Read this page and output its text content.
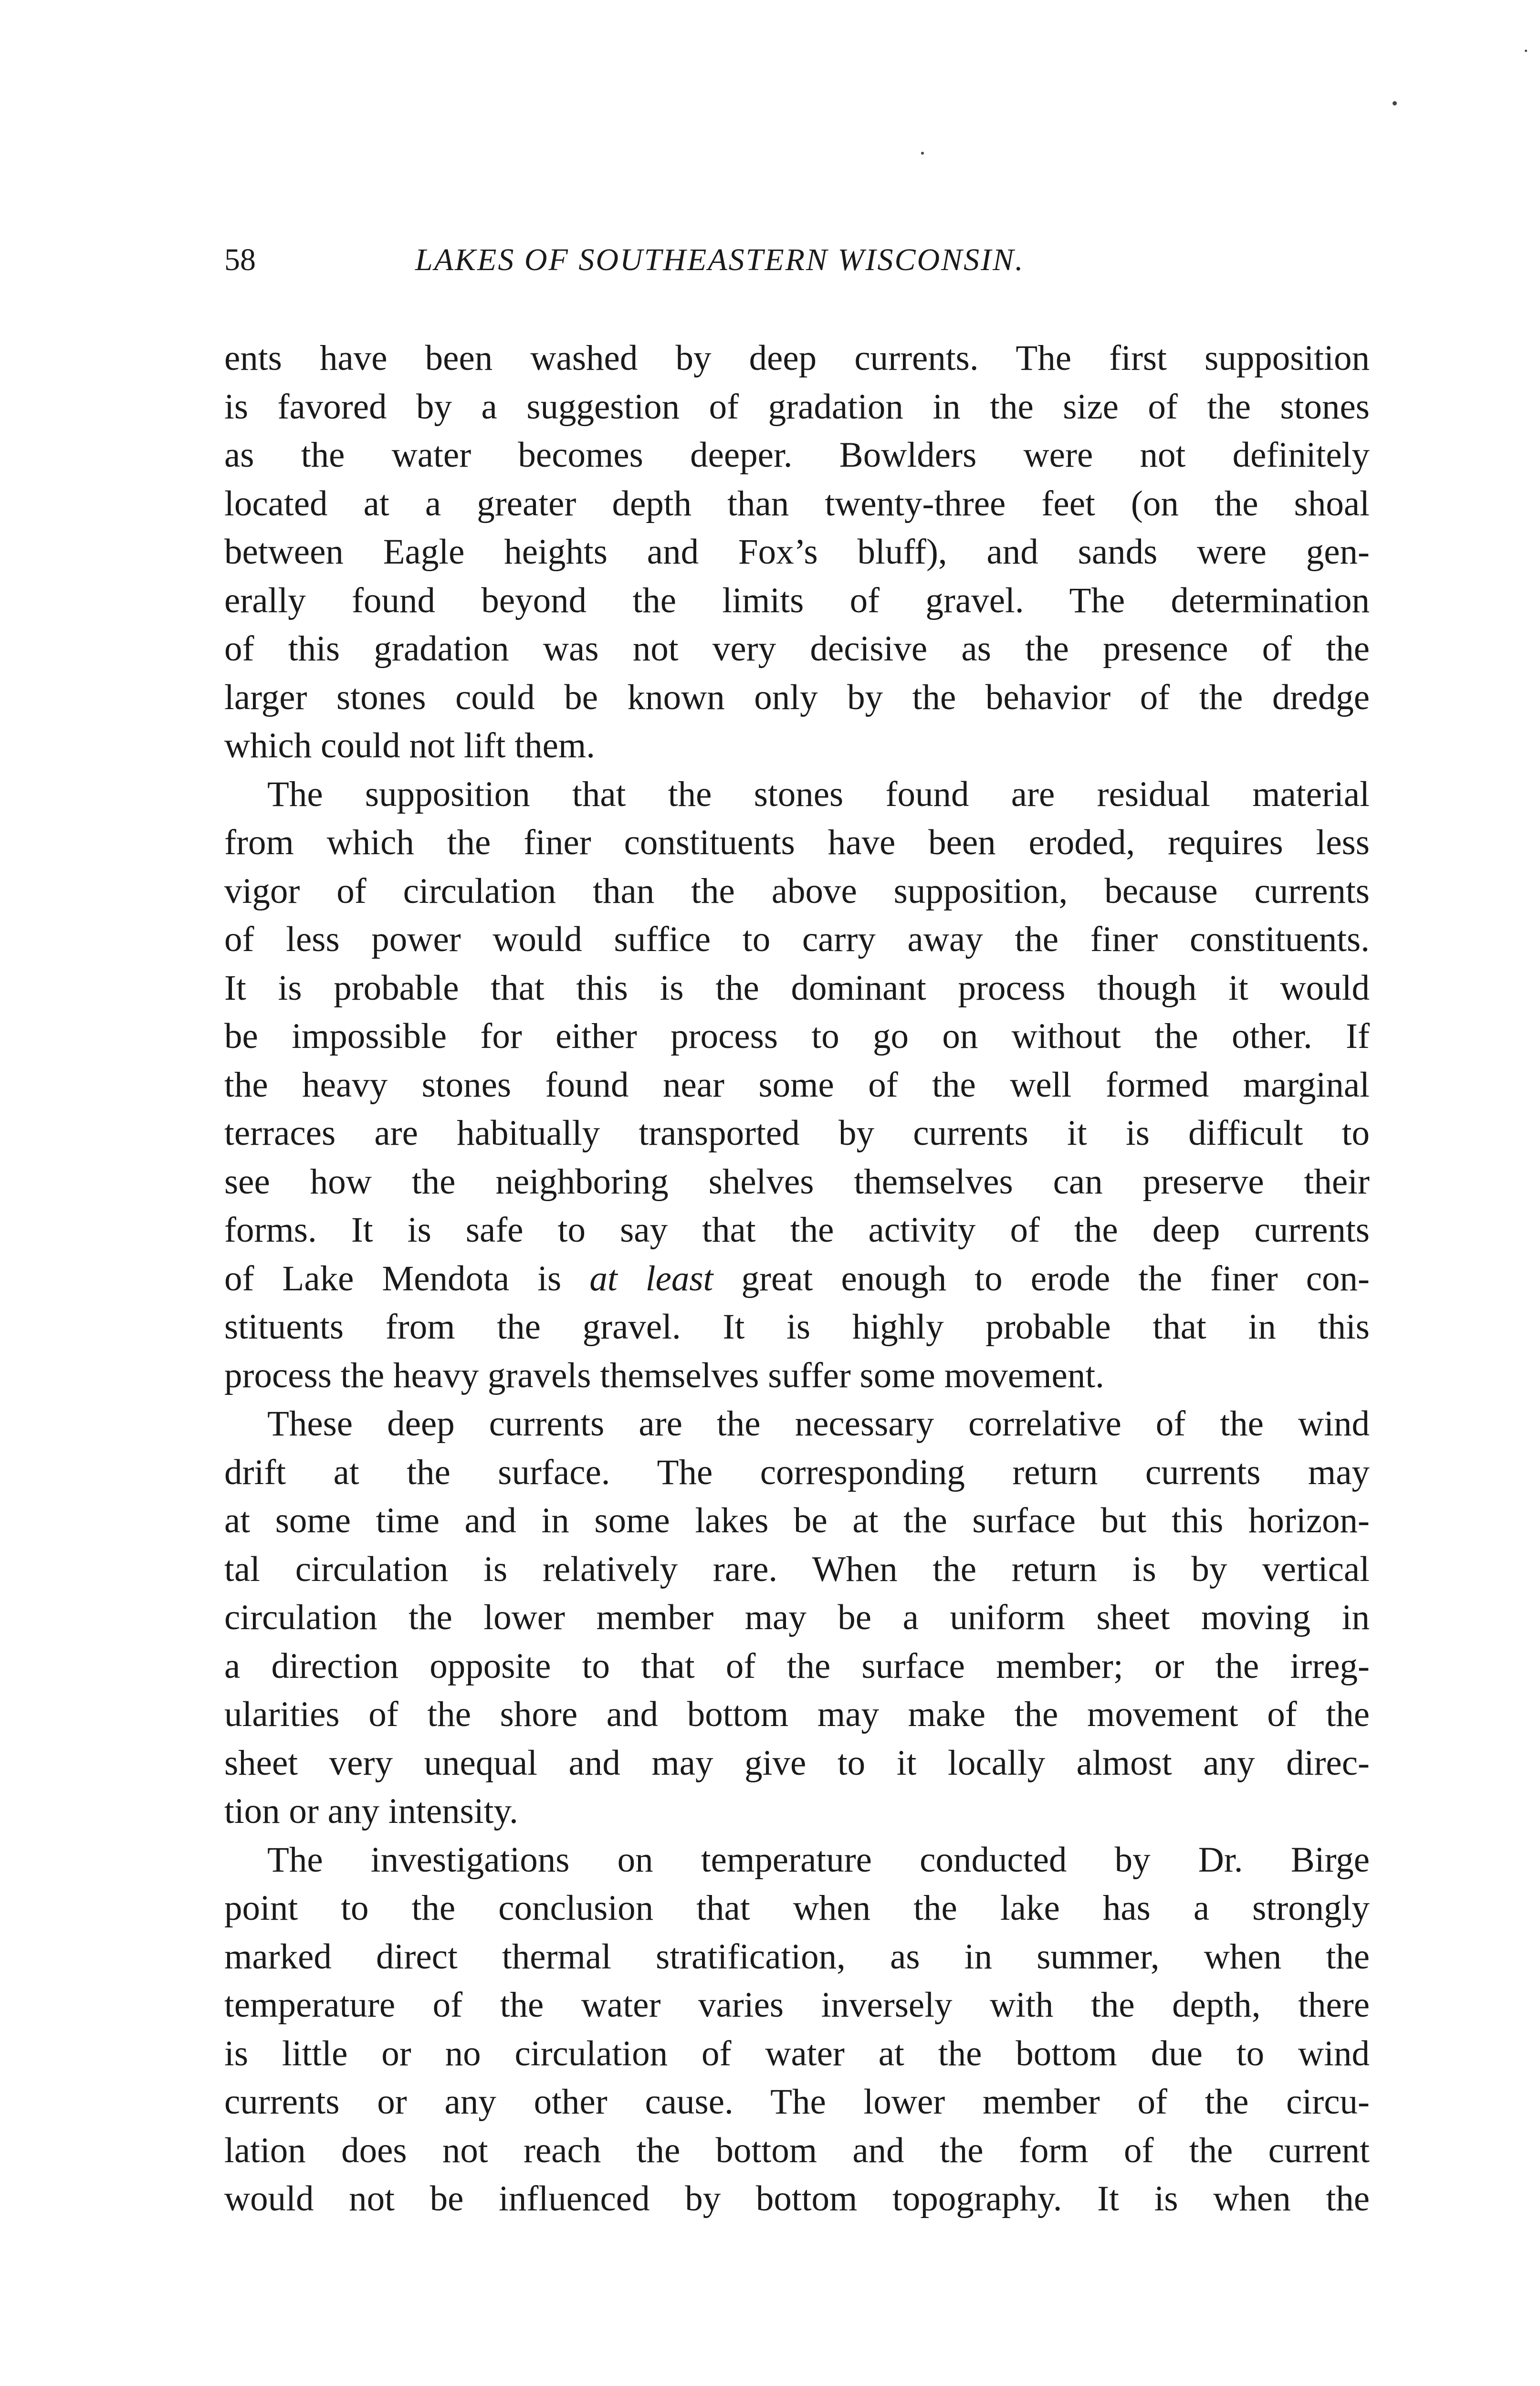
58	LAKES OF SOUTHEASTERN WISCONSIN.
ents have been washed by deep currents. The first supposition
is favored by a suggestion of gradation in the size of the stones
as the water becomes deeper. Bowlders were not definitely
located at a greater depth than twenty-three feet (on the shoal
between Eagle heights and Fox’s bluff), and sands were gen-
erally found beyond the limits of gravel. The determination
of this gradation was not very decisive as the presence of the
larger stones could be known only by the behavior of the dredge
which could not lift them.
The supposition that the stones found are residual material
from which the finer constituents have been eroded, requires less
vigor of circulation than the above supposition, because currents
of less power would suffice to carry away the finer constituents.
It is probable that this is the dominant process though it would
be impossible for either process to go on without the other. If
the heavy stones found near some of the well formed marginal
terraces are habitually transported by currents it is difficult to
see how the neighboring shelves themselves can preserve their
forms. It is safe to say that the activity of the deep currents
of Lake Mendota is at least great enough to erode the finer con-
stituents from the gravel. It is highly probable that in this
process the heavy gravels themselves suffer some movement.
These deep currents are the necessary correlative of the wind
drift at the surface. The corresponding return currents may
at some time and in some lakes be at the surface but this horizon-
tal circulation is relatively rare. When the return is by vertical
circulation the lower member may be a uniform sheet moving in
a direction opposite to that of the surface member; or the irreg-
ularities of the shore and bottom may make the movement of the
sheet very unequal and may give to it locally almost any direc-
tion or any intensity.
The investigations on temperature conducted by Dr. Birge
point to the conclusion that when the lake has a strongly
marked direct thermal stratification, as in summer, when the
temperature of the water varies inversely with the depth, there
is little or no circulation of water at the bottom due to wind
currents or any other cause. The lower member of the circu-
lation does not reach the bottom and the form of the current
would not be influenced by bottom topography. It is when the
